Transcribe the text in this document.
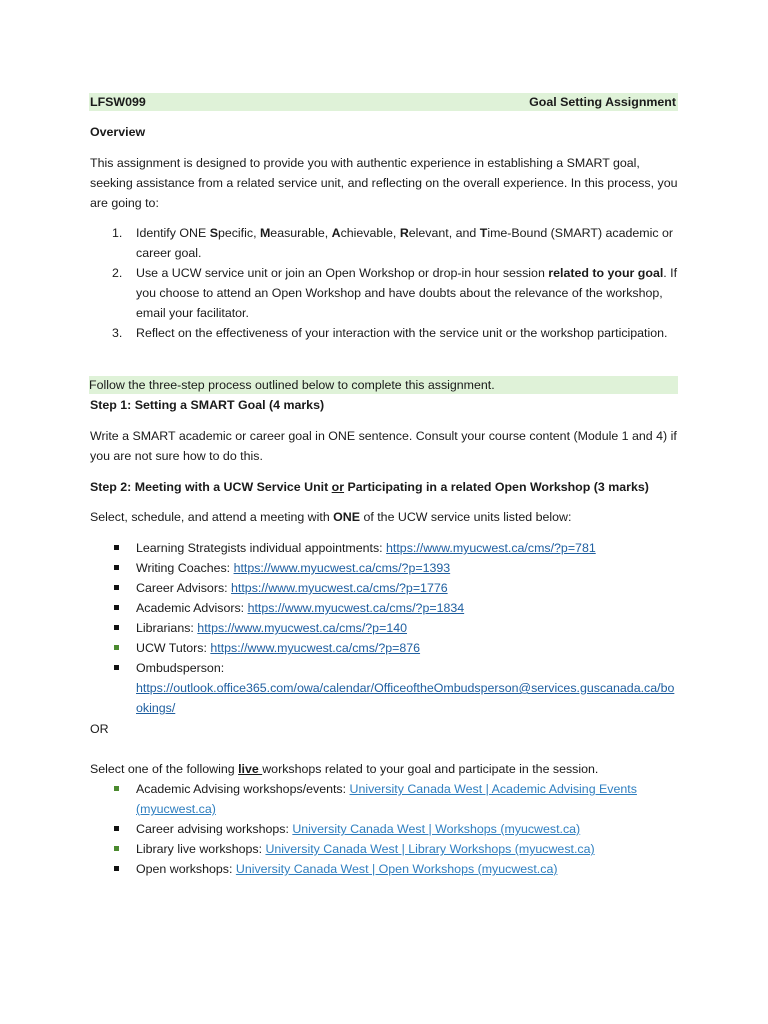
LFSW099	Goal Setting Assignment

Overview

This assignment is designed to provide you with authentic experience in establishing a SMART goal, seeking assistance from a related service unit, and reflecting on the overall experience. In this process, you are going to:

1. Identify ONE Specific, Measurable, Achievable, Relevant, and Time-Bound (SMART) academic or career goal.
2. Use a UCW service unit or join an Open Workshop or drop-in hour session related to your goal. If you choose to attend an Open Workshop and have doubts about the relevance of the workshop, email your facilitator.
3. Reflect on the effectiveness of your interaction with the service unit or the workshop participation.
Follow the three-step process outlined below to complete this assignment.

Step 1: Setting a SMART Goal (4 marks)

Write a SMART academic or career goal in ONE sentence. Consult your course content (Module 1 and 4) if you are not sure how to do this.

Step 2: Meeting with a UCW Service Unit or Participating in a related Open Workshop (3 marks)

Select, schedule, and attend a meeting with ONE of the UCW service units listed below:

Learning Strategists individual appointments: https://www.myucwest.ca/cms/?p=781
Writing Coaches: https://www.myucwest.ca/cms/?p=1393
Career Advisors: https://www.myucwest.ca/cms/?p=1776
Academic Advisors: https://www.myucwest.ca/cms/?p=1834
Librarians: https://www.myucwest.ca/cms/?p=140
UCW Tutors: https://www.myucwest.ca/cms/?p=876
Ombudsperson:
https://outlook.office365.com/owa/calendar/OfficeoftheOmbudsperson@services.guscanada.ca/bookings/

OR

Select one of the following live workshops related to your goal and participate in the session.

Academic Advising workshops/events: University Canada West | Academic Advising Events (myucwest.ca)
Career advising workshops: University Canada West | Workshops (myucwest.ca)
Library live workshops: University Canada West | Library Workshops (myucwest.ca)
Open workshops: University Canada West | Open Workshops (myucwest.ca)
